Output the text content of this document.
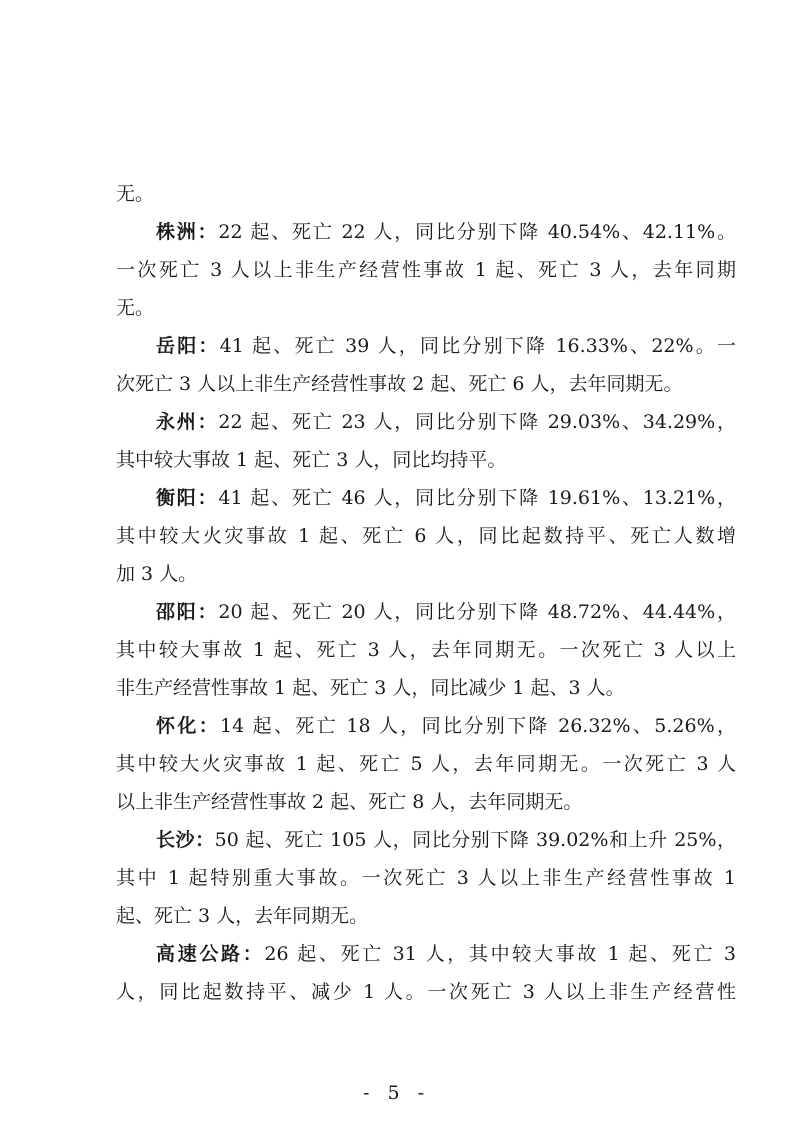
无。
株洲：22 起、死亡 22 人，同比分别下降 40.54%、42.11%。
一次死亡 3 人以上非生产经营性事故 1 起、死亡 3 人，去年同期
无。
岳阳：41 起、死亡 39 人，同比分别下降 16.33%、22%。一
次死亡 3 人以上非生产经营性事故 2 起、死亡 6 人，去年同期无。
永州：22 起、死亡 23 人，同比分别下降 29.03%、34.29%，
其中较大事故 1 起、死亡 3 人，同比均持平。
衡阳：41 起、死亡 46 人，同比分别下降 19.61%、13.21%，
其中较大火灾事故 1 起、死亡 6 人，同比起数持平、死亡人数增
加 3 人。
邵阳：20 起、死亡 20 人，同比分别下降 48.72%、44.44%，
其中较大事故 1 起、死亡 3 人，去年同期无。一次死亡 3 人以上
非生产经营性事故 1 起、死亡 3 人，同比减少 1 起、3 人。
怀化：14 起、死亡 18 人，同比分别下降 26.32%、5.26%，
其中较大火灾事故 1 起、死亡 5 人，去年同期无。一次死亡 3 人
以上非生产经营性事故 2 起、死亡 8 人，去年同期无。
长沙：50 起、死亡 105 人，同比分别下降 39.02%和上升 25%，
其中 1 起特别重大事故。一次死亡 3 人以上非生产经营性事故 1
起、死亡 3 人，去年同期无。
高速公路：26 起、死亡 31 人，其中较大事故 1 起、死亡 3
人，同比起数持平、减少 1 人。一次死亡 3 人以上非生产经营性
- 5 -
